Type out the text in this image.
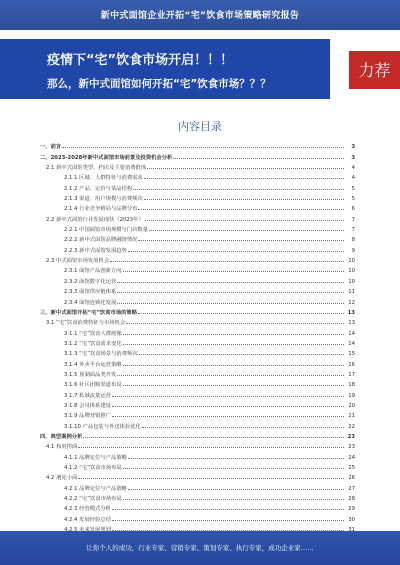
新中式面馆企业开拓“宅”饮食市场策略研究报告
疫情下“宅”饮食市场开启！！！
那么，新中式面馆如何开拓“宅”饮食市场？？？
力荐
内容目录
一、前言	3
二、2023-2028年新中式面馆市场前景及投资机会分析	3
2.1 新中式面馆类型、档次及主要消费群体	4
2.1.1 区域、人群特征与消费需求	4
2.1.2 产品、定价与菜品结构	5
2.1.3 渠道、用户规模与消费频次	5
2.1.4 行业竞争格局与品牌分布	6
2.2 新中式面馆行业发展现状（2023年）	7
2.2.1 中国面馆市场规模与门店数量	7
2.2.2 新中式面馆品牌融资情况	8
2.2.3 新中式面馆发展趋势	9
2.3 中式面馆市场发展机会	10
2.3.1 面馆产品创新方向	10
2.3.2 面馆数字化运营	10
2.3.3 面馆供应链体系	11
2.3.4 面馆连锁化发展	12
三、新中式面馆开拓“宅”饮食市场的策略	13
3.1 “宅”饮食消费特征与市场机会	13
3.1.1 “宅”饮食人群画像	14
3.1.2 “宅”饮食需求变化	14
3.1.3 “宅”饮食场景与消费频次	15
3.1.4 外卖平台运营策略	16
3.1.5 预制面品类开发	17
3.1.6 社区团购渠道布局	18
3.1.7 私域流量运营	19
3.1.8 会员体系建设	20
3.1.9 品牌营销推广	21
3.1.10 产品包装与外送体验优化	22
四、典型案例分析	23
4.1 和府捞面	23
4.1.1 品牌定位与产品策略	24
4.1.2 “宅”饮食市场布局	25
4.2 遇见小面	26
4.2.1 品牌定位与产品策略	27
4.2.2 “宅”饮食市场布局	28
4.2.3 经营模式分析	29
4.2.4 发展经验总结	30
让你个人的成功，行业专家、营销专家、策划专家、执行专家，成功企业家……
